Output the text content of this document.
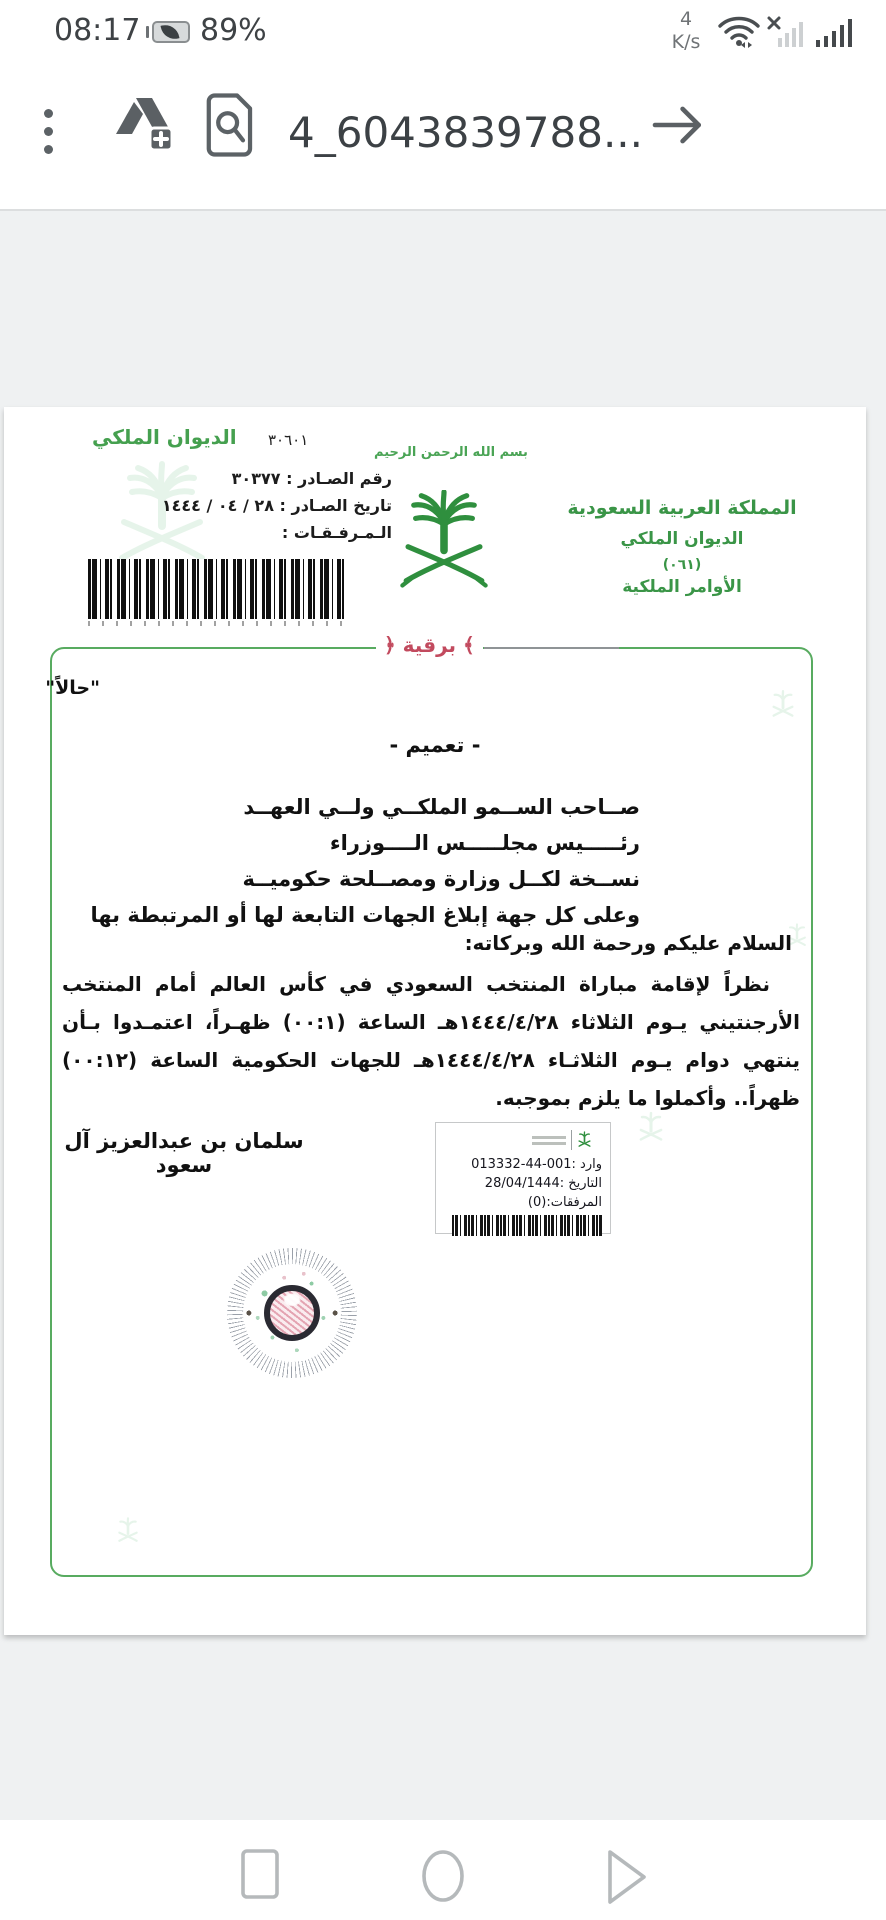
08:17 89%	4
K/s
4_6043839788...
الديوان الملكي ٣٠٦٠١
بسم الله الرحمن الرحيم
رقم الصـادر : ٣٠٣٧٧
تاريخ الصـادر : ٢٨ / ٠٤ / ١٤٤٤
الـمـرفـقـات :
المملكة العربية السعودية
الديوان الملكي
(٠٦١)
الأوامر الملكية
﴾ برقية ﴿
"حالاً"
- تعميم -
صــاحب الســمو الملكــي ولــي العهــد
رئـــــيس مجلـــــس الــــوزراء
نســخة لكــل وزارة ومصــلحة حكوميــة
وعلى كل جهة إبلاغ الجهات التابعة لها أو المرتبطة بها
السلام عليكم ورحمة الله وبركاته:
نظراً لإقامة مباراة المنتخب السعودي في كأس العالم أمام المنتخب الأرجنتيني يـوم الثلاثاء ٢٨‏/٤‏/١٤٤٤هـ الساعة (١‏:٠٠) ظهـراً، اعتمـدوا بـأن ينتهي دوام يـوم الثلاثـاء ٢٨‏/٤‏/١٤٤٤هـ للجهات الحكومية الساعة (١٢‏:٠٠) ظهراً.. وأكملوا ما يلزم بموجبه.
سلمان بن عبدالعزيز آل سعود	وارد :001-44-013332
التاريخ :28/04/1444
المرفقات:(0)
